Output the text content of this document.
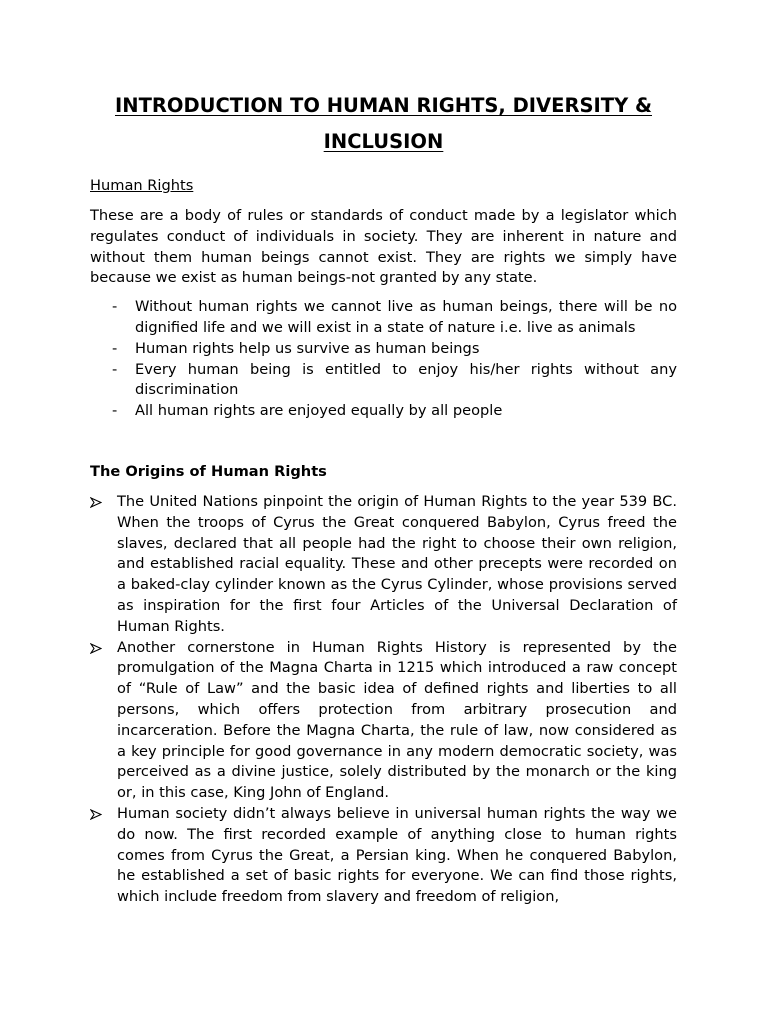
INTRODUCTION TO HUMAN RIGHTS, DIVERSITY & INCLUSION
Human Rights

These are a body of rules or standards of conduct made by a legislator which regulates conduct of individuals in society. They are inherent in nature and without them human beings cannot exist. They are rights we simply have because we exist as human beings-not granted by any state.

- Without human rights we cannot live as human beings, there will be no dignified life and we will exist in a state of nature i.e. live as animals
- Human rights help us survive as human beings
- Every human being is entitled to enjoy his/her rights without any discrimination
- All human rights are enjoyed equally by all people
The Origins of Human Rights
The United Nations pinpoint the origin of Human Rights to the year 539 BC. When the troops of Cyrus the Great conquered Babylon, Cyrus freed the slaves, declared that all people had the right to choose their own religion, and established racial equality. These and other precepts were recorded on a baked-clay cylinder known as the Cyrus Cylinder, whose provisions served as inspiration for the first four Articles of the Universal Declaration of Human Rights.
Another cornerstone in Human Rights History is represented by the promulgation of the Magna Charta in 1215 which introduced a raw concept of “Rule of Law” and the basic idea of defined rights and liberties to all persons, which offers protection from arbitrary prosecution and incarceration. Before the Magna Charta, the rule of law, now considered as a key principle for good governance in any modern democratic society, was perceived as a divine justice, solely distributed by the monarch or the king or, in this case, King John of England.
Human society didn’t always believe in universal human rights the way we do now. The first recorded example of anything close to human rights comes from Cyrus the Great, a Persian king. When he conquered Babylon, he established a set of basic rights for everyone. We can find those rights, which include freedom from slavery and freedom of religion,
